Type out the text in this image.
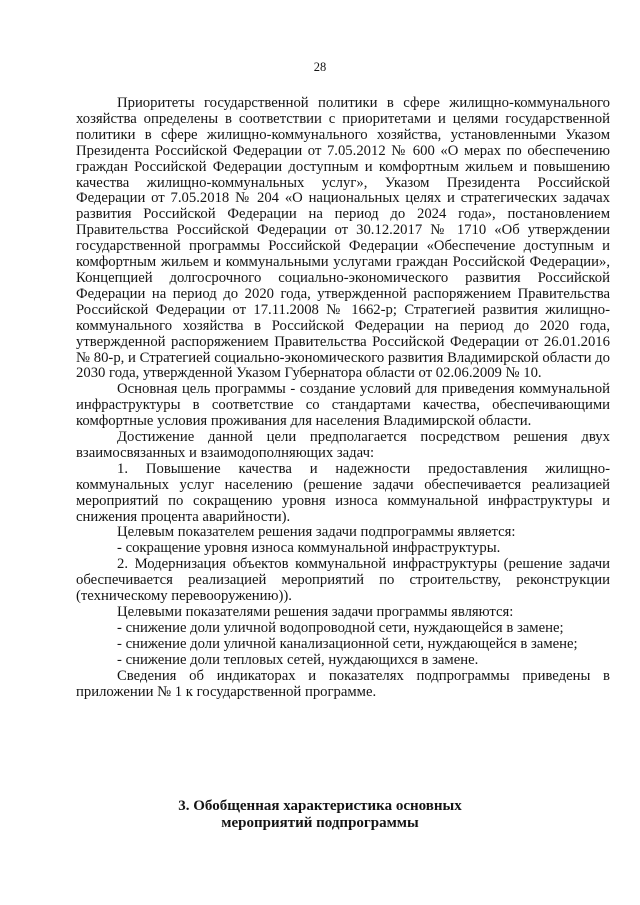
28

Приоритеты государственной политики в сфере жилищно-коммунального хозяйства определены в соответствии с приоритетами и целями государственной политики в сфере жилищно-коммунального хозяйства, установленными Указом Президента Российской Федерации от 7.05.2012 № 600 «О мерах по обеспечению граждан Российской Федерации доступным и комфортным жильем и повышению качества жилищно-коммунальных услуг», Указом Президента Российской Федерации от 7.05.2018 № 204 «О национальных целях и стратегических задачах развития Российской Федерации на период до 2024 года», постановлением Правительства Российской Федерации от 30.12.2017 № 1710 «Об утверждении государственной программы Российской Федерации «Обеспечение доступным и комфортным жильем и коммунальными услугами граждан Российской Федерации», Концепцией долгосрочного социально-экономического развития Российской Федерации на период до 2020 года, утвержденной распоряжением Правительства Российской Федерации от 17.11.2008 № 1662-р; Стратегией развития жилищно-коммунального хозяйства в Российской Федерации на период до 2020 года, утвержденной распоряжением Правительства Российской Федерации от 26.01.2016 № 80-р, и Стратегией социально-экономического развития Владимирской области до 2030 года, утвержденной Указом Губернатора области от 02.06.2009 № 10.

Основная цель программы - создание условий для приведения коммунальной инфраструктуры в соответствие со стандартами качества, обеспечивающими комфортные условия проживания для населения Владимирской области.

Достижение данной цели предполагается посредством решения двух взаимосвязанных и взаимодополняющих задач:

1. Повышение качества и надежности предоставления жилищно-коммунальных услуг населению (решение задачи обеспечивается реализацией мероприятий по сокращению уровня износа коммунальной инфраструктуры и снижения процента аварийности).

Целевым показателем решения задачи подпрограммы является:

- сокращение уровня износа коммунальной инфраструктуры.

2. Модернизация объектов коммунальной инфраструктуры (решение задачи обеспечивается реализацией мероприятий по строительству, реконструкции (техническому перевооружению)).

Целевыми показателями решения задачи программы являются:

- снижение доли уличной водопроводной сети, нуждающейся в замене;

- снижение доли уличной канализационной сети, нуждающейся в замене;

- снижение доли тепловых сетей, нуждающихся в замене.

Сведения об индикаторах и показателях подпрограммы приведены в приложении № 1 к государственной программе.

3. Обобщенная характеристика основных
мероприятий подпрограммы
